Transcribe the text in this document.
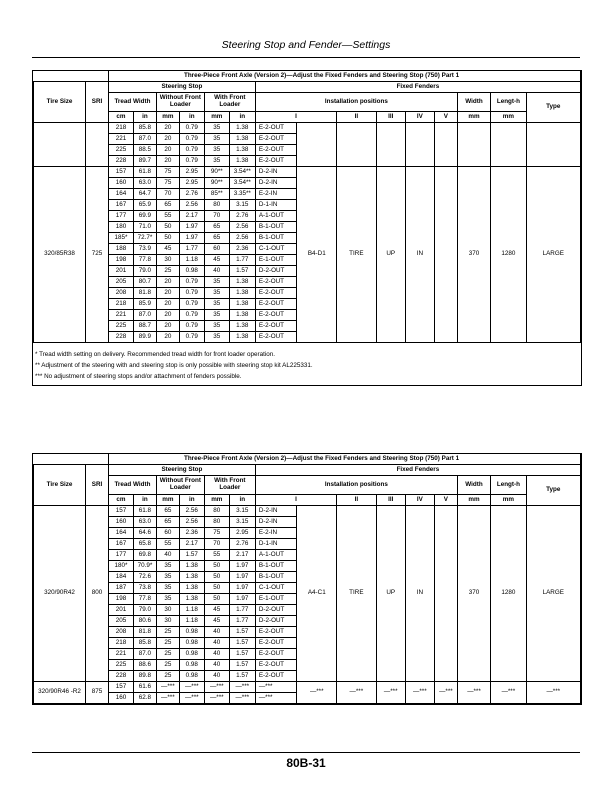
Steering Stop and Fender—Settings
		Three-Piece Front Axle (Version 2)—Adjust the Fixed Fenders and Steering Stop (750) Part 1														
Tire Size	SRI	Steering Stop						Fixed Fenders								
		Tread Width		Without Front Loader		With Front Loader		Installation positions						Width	Lengt-h	Type
		cm	in	mm	in	mm	in	I		II	III	IV	V	mm	mm	
		218	85.8	20	0.79	35	1.38	E-2-OUT								
		221	87.0	20	0.79	35	1.38	E-2-OUT								
		225	88.5	20	0.79	35	1.38	E-2-OUT								
		228	89.7	20	0.79	35	1.38	E-2-OUT								
320/85R38	725	157	61.8	75	2.95	90**	3.54**	D-2-IN	B4-D1	TIRE	UP	IN		370	1280	LARGE
		160	63.0	75	2.95	90**	3.54**	D-2-IN								
		164	64.7	70	2.76	85**	3.35**	E-2-IN								
		167	65.9	65	2.56	80	3.15	D-1-IN								
		177	69.9	55	2.17	70	2.76	A-1-OUT								
		180	71.0	50	1.97	65	2.56	B-1-OUT								
		185*	72.7*	50	1.97	65	2.56	B-1-OUT								
		188	73.9	45	1.77	60	2.36	C-1-OUT								
		198	77.8	30	1.18	45	1.77	E-1-OUT								
		201	79.0	25	0.98	40	1.57	D-2-OUT								
		205	80.7	20	0.79	35	1.38	E-2-OUT								
		208	81.8	20	0.79	35	1.38	E-2-OUT								
		218	85.9	20	0.79	35	1.38	E-2-OUT								
		221	87.0	20	0.79	35	1.38	E-2-OUT								
		225	88.7	20	0.79	35	1.38	E-2-OUT								
		228	89.9	20	0.79	35	1.38	E-2-OUT								
* Tread width setting on delivery. Recommended tread width for front loader operation.
** Adjustment of the steering with and steering stop is only possible with steering stop kit AL225331.
*** No adjustment of steering stops and/or attachment of fenders possible.
		Three-Piece Front Axle (Version 2)—Adjust the Fixed Fenders and Steering Stop (750) Part 1														
Tire Size	SRI	Steering Stop						Fixed Fenders								
		Tread Width		Without Front Loader		With Front Loader		Installation positions						Width	Lengt-h	Type
		cm	in	mm	in	mm	in	I		II	III	IV	V	mm	mm	
320/90R42	800	157	61.8	65	2.56	80	3.15	D-2-IN	A4-C1	TIRE	UP	IN		370	1280	LARGE
		160	63.0	65	2.56	80	3.15	D-2-IN								
		164	64.6	60	2.36	75	2.95	E-2-IN								
		167	65.8	55	2.17	70	2.76	D-1-IN								
		177	69.8	40	1.57	55	2.17	A-1-OUT								
		180*	70.9*	35	1.38	50	1.97	B-1-OUT								
		184	72.6	35	1.38	50	1.97	B-1-OUT								
		187	73.8	35	1.38	50	1.97	C-1-OUT								
		198	77.8	35	1.38	50	1.97	E-1-OUT								
		201	79.0	30	1.18	45	1.77	D-2-OUT								
		205	80.6	30	1.18	45	1.77	D-2-OUT								
		208	81.8	25	0.98	40	1.57	E-2-OUT								
		218	85.8	25	0.98	40	1.57	E-2-OUT								
		221	87.0	25	0.98	40	1.57	E-2-OUT								
		225	88.6	25	0.98	40	1.57	E-2-OUT								
		228	89.8	25	0.98	40	1.57	E-2-OUT								
320/90R46 -R2	875	157	61.6	—***	—***	—***	—***	—***	—***	—***	—***	—***	—***	—***	—***	—***
		160	62.8	—***	—***	—***	—***	—***								
80B-31
